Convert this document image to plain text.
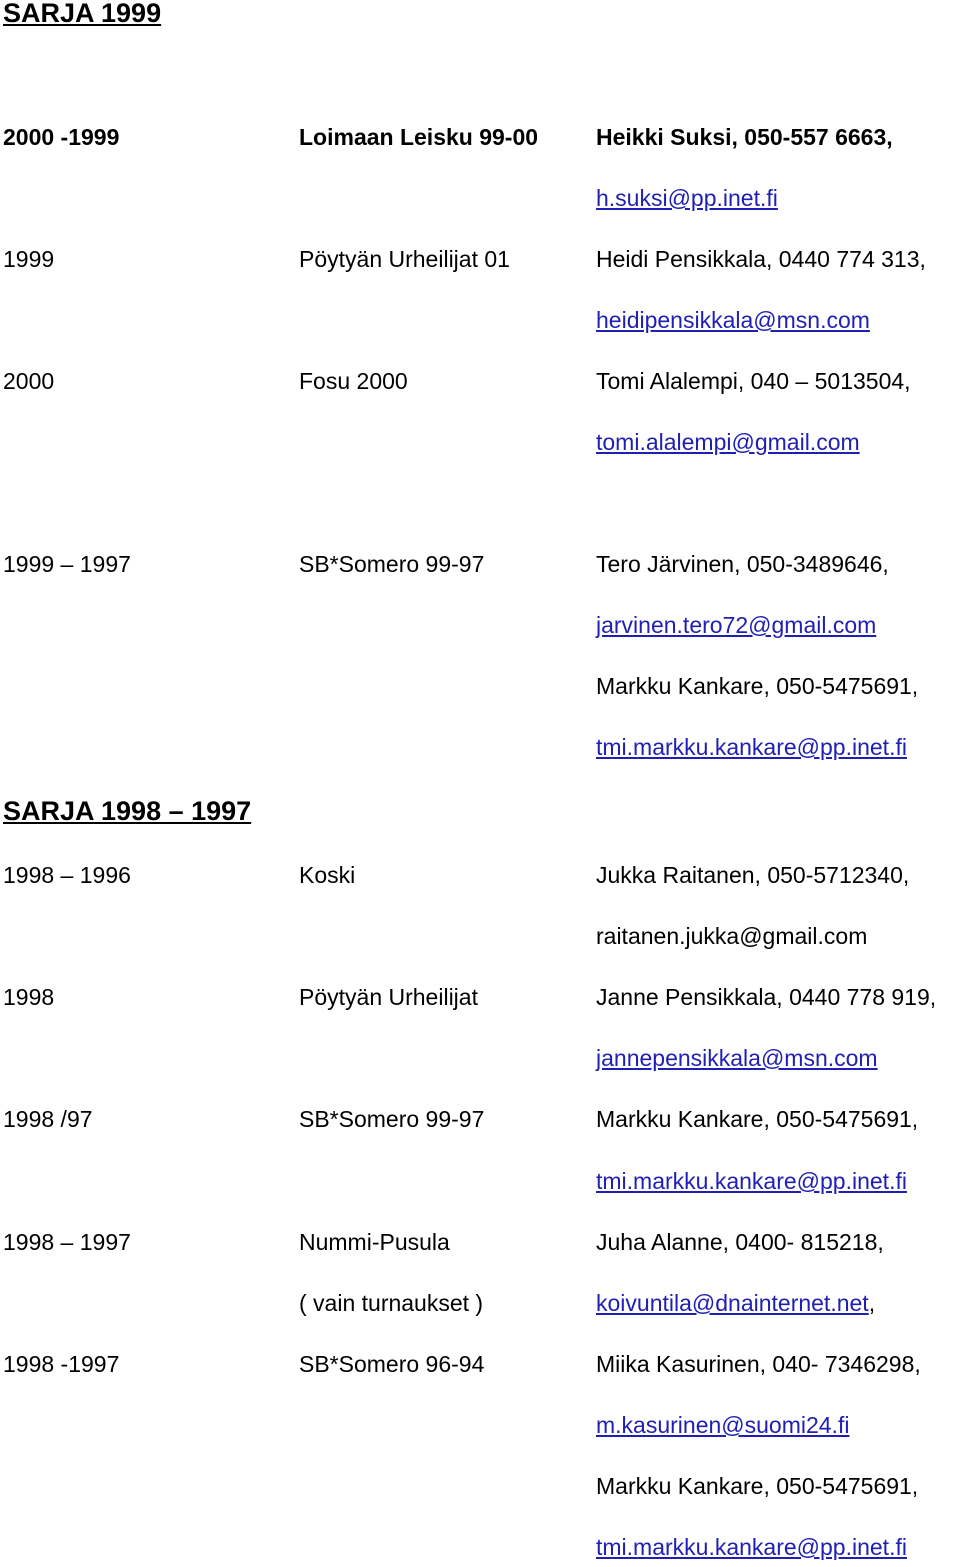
SARJA 1999
2000 -1999	Loimaan Leisku 99-00	Heikki Suksi, 050-557 6663,
h.suksi@pp.inet.fi
1999	Pöytyän Urheilijat 01	Heidi Pensikkala, 0440 774 313,
heidipensikkala@msn.com
2000	Fosu 2000	Tomi Alalempi, 040 – 5013504,
tomi.alalempi@gmail.com
1999 – 1997	SB*Somero 99-97	Tero Järvinen, 050-3489646,
jarvinen.tero72@gmail.com
Markku Kankare, 050-5475691,
tmi.markku.kankare@pp.inet.fi
SARJA 1998 – 1997
1998 – 1996	Koski	Jukka Raitanen, 050-5712340,
raitanen.jukka@gmail.com
1998	Pöytyän Urheilijat	Janne Pensikkala, 0440 778 919,
jannepensikkala@msn.com
1998 /97	SB*Somero 99-97	Markku Kankare, 050-5475691,
tmi.markku.kankare@pp.inet.fi
1998 – 1997	Nummi-Pusula	Juha Alanne, 0400- 815218,
( vain turnaukset )	koivuntila@dnainternet.net,
1998 -1997	SB*Somero 96-94	Miika Kasurinen, 040- 7346298,
m.kasurinen@suomi24.fi
Markku Kankare, 050-5475691,
tmi.markku.kankare@pp.inet.fi
